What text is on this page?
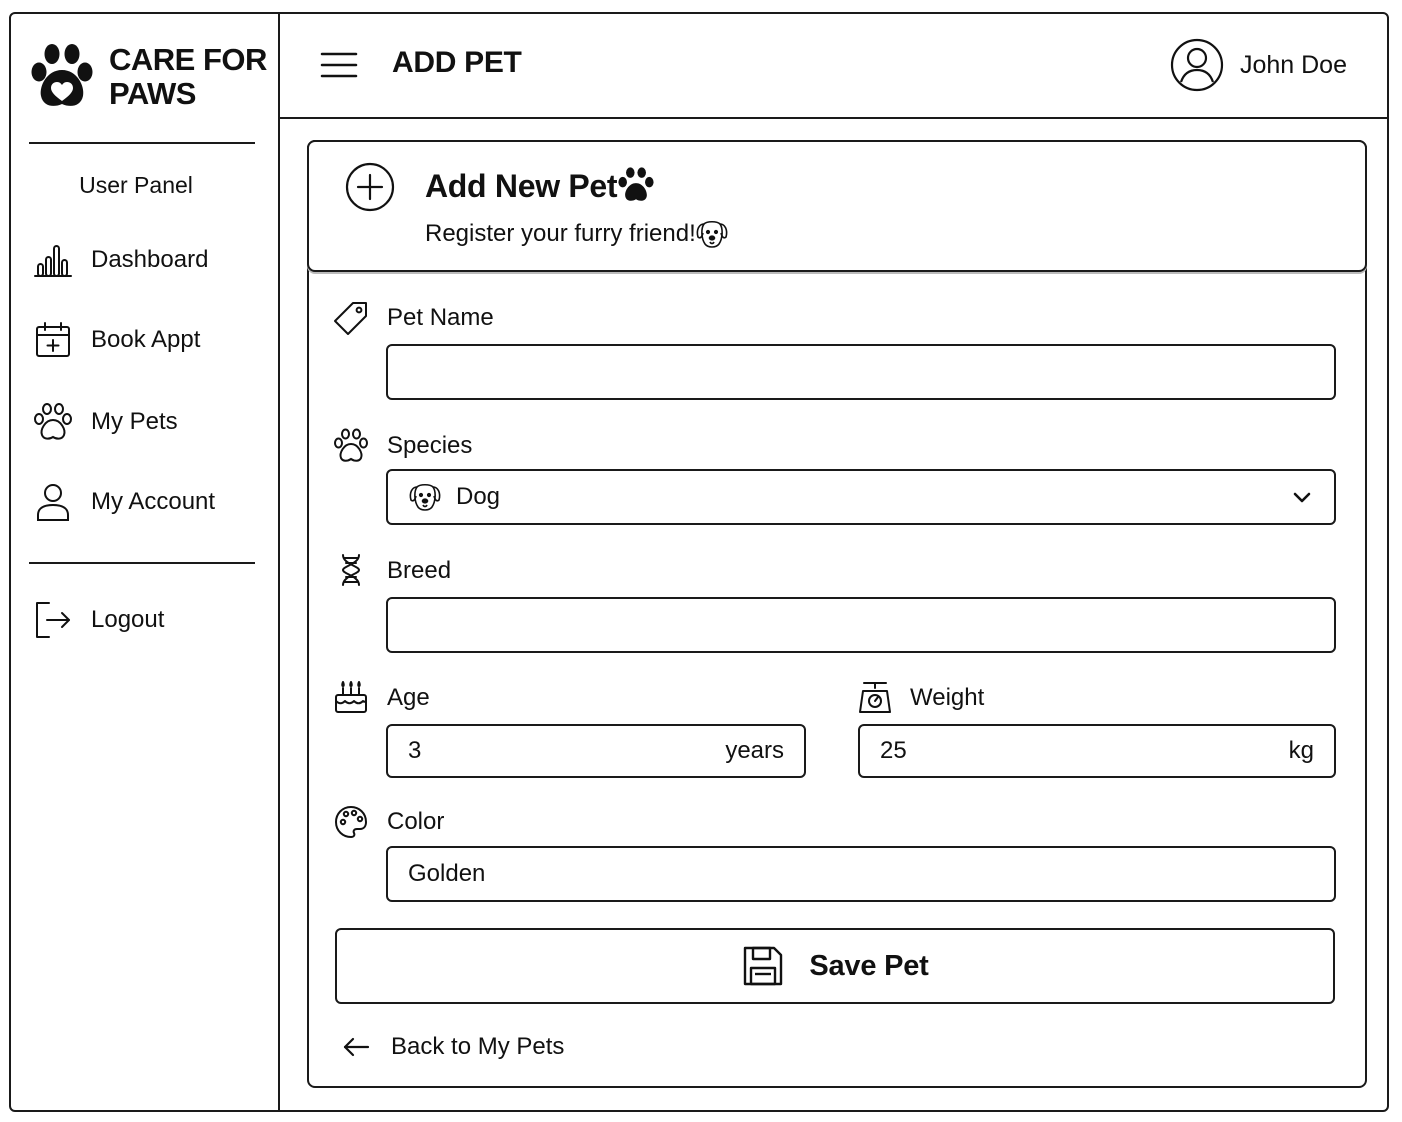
CARE FOR
PAWS
User Panel
Dashboard
Book Appt
My Pets
My Account
Logout
ADD PET	John Doe
Add New Pet
Register your furry friend!
Pet Name
Species
Dog
Breed
Age
3	years
Weight
25	kg
Color
Golden
Save Pet
Back to My Pets
